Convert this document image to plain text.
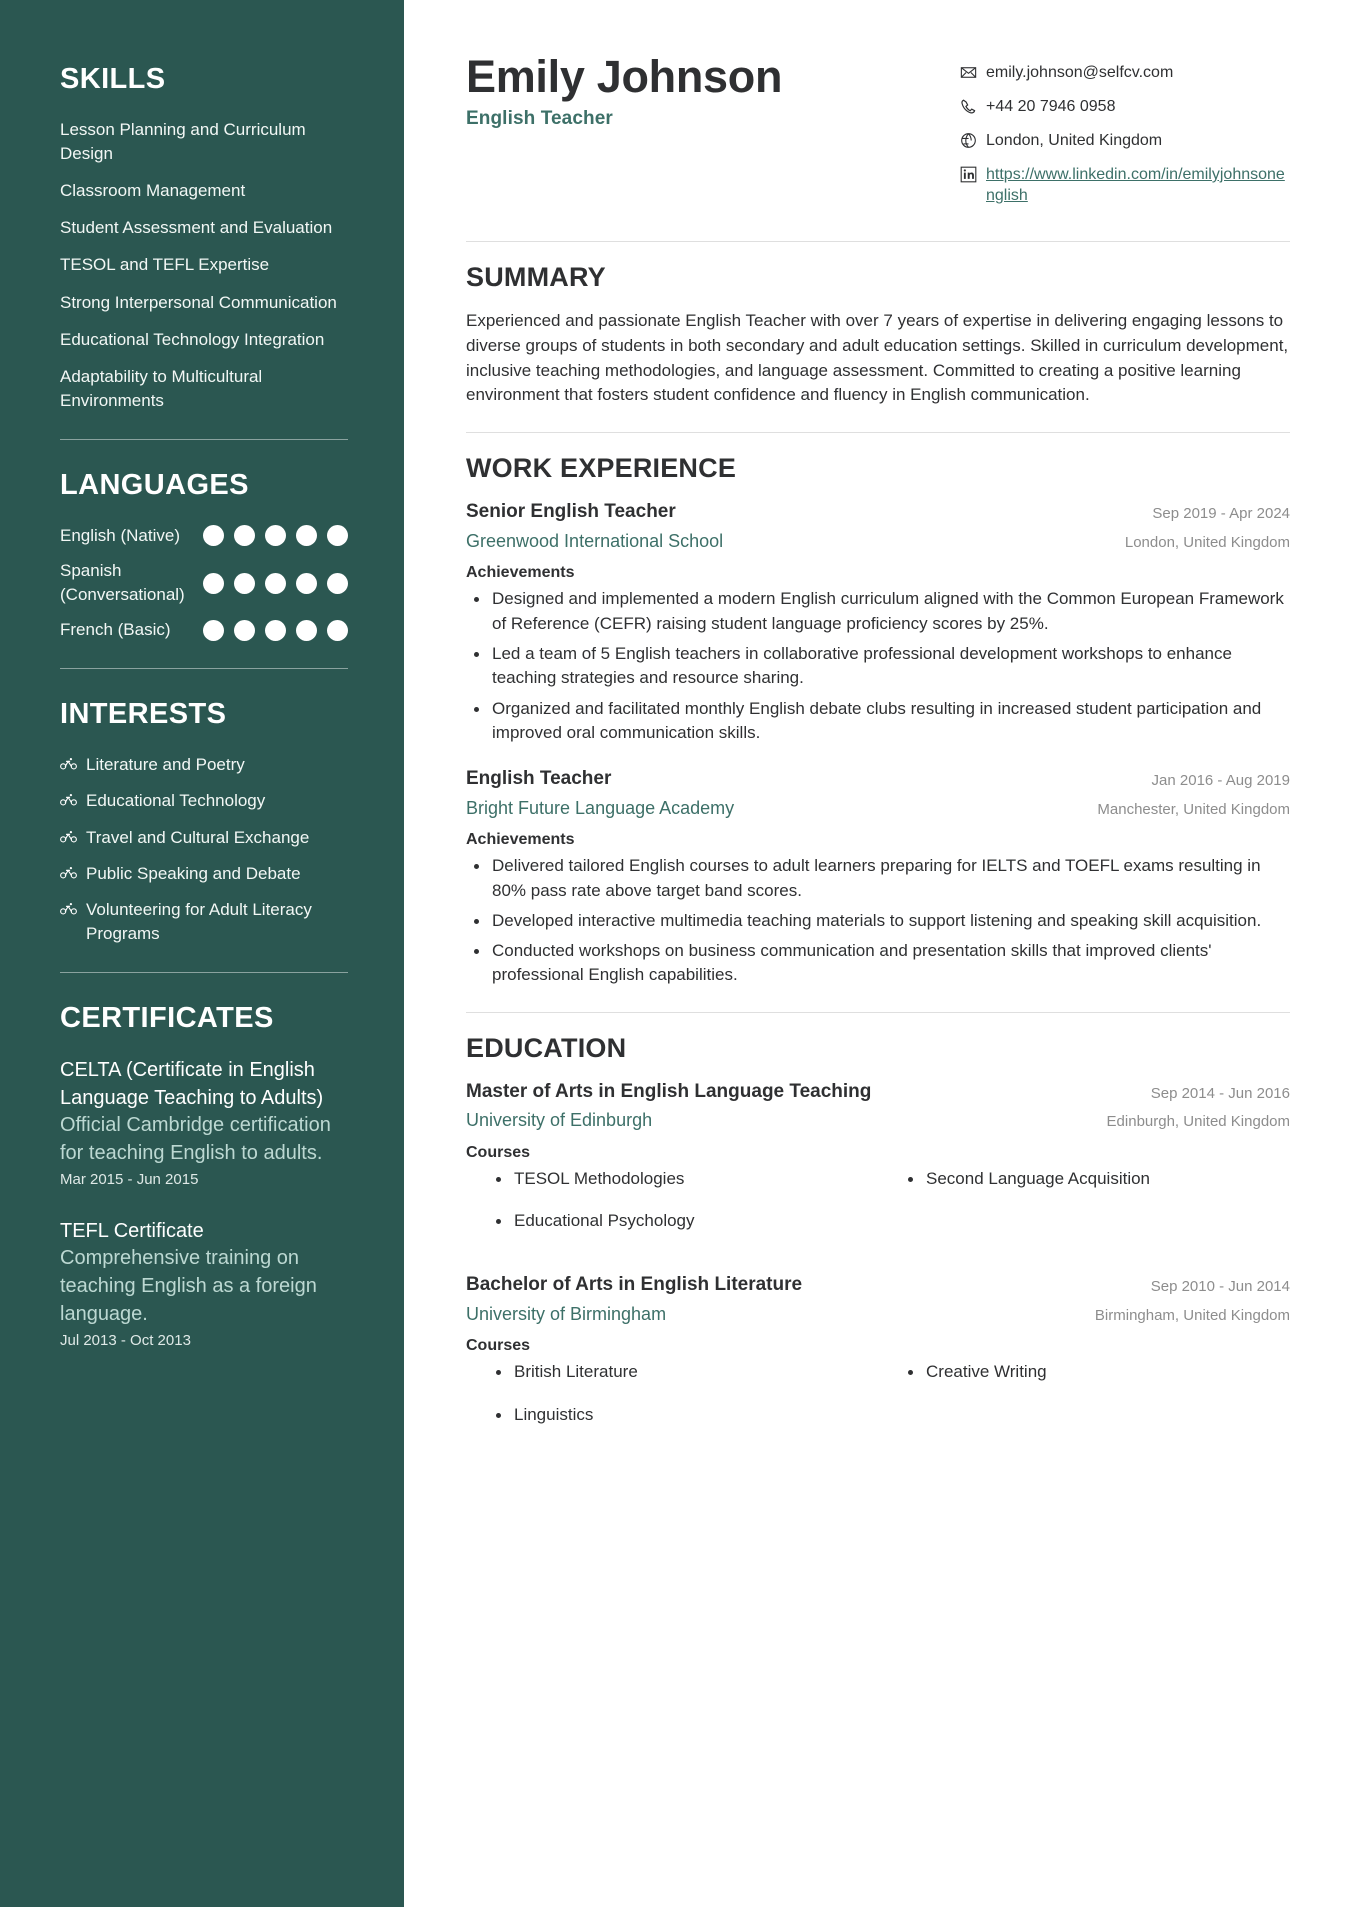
SKILLS
Lesson Planning and Curriculum Design
Classroom Management
Student Assessment and Evaluation
TESOL and TEFL Expertise
Strong Interpersonal Communication
Educational Technology Integration
Adaptability to Multicultural Environments
LANGUAGES
English (Native)
Spanish (Conversational)
French (Basic)
INTERESTS
Literature and Poetry
Educational Technology
Travel and Cultural Exchange
Public Speaking and Debate
Volunteering for Adult Literacy Programs
CERTIFICATES
CELTA (Certificate in English Language Teaching to Adults)
Official Cambridge certification for teaching English to adults.
Mar 2015 - Jun 2015
TEFL Certificate
Comprehensive training on teaching English as a foreign language.
Jul 2013 - Oct 2013
Emily Johnson
English Teacher
emily.johnson@selfcv.com
+44 20 7946 0958
London, United Kingdom
https://www.linkedin.com/in/emilyjohnsonenglish
SUMMARY

Experienced and passionate English Teacher with over 7 years of expertise in delivering engaging lessons to diverse groups of students in both secondary and adult education settings. Skilled in curriculum development, inclusive teaching methodologies, and language assessment. Committed to creating a positive learning environment that fosters student confidence and fluency in English communication.

WORK EXPERIENCE
Senior English Teacher
Greenwood International School
Sep 2019 - Apr 2024
London, United Kingdom
Achievements
Designed and implemented a modern English curriculum aligned with the Common European Framework of Reference (CEFR) raising student language proficiency scores by 25%.
Led a team of 5 English teachers in collaborative professional development workshops to enhance teaching strategies and resource sharing.
Organized and facilitated monthly English debate clubs resulting in increased student participation and improved oral communication skills.
English Teacher
Bright Future Language Academy
Jan 2016 - Aug 2019
Manchester, United Kingdom
Achievements
Delivered tailored English courses to adult learners preparing for IELTS and TOEFL exams resulting in 80% pass rate above target band scores.
Developed interactive multimedia teaching materials to support listening and speaking skill acquisition.
Conducted workshops on business communication and presentation skills that improved clients' professional English capabilities.
EDUCATION
Master of Arts in English Language Teaching
University of Edinburgh
Sep 2014 - Jun 2016
Edinburgh, United Kingdom
Courses
TESOL Methodologies	Second Language Acquisition
Educational Psychology
Bachelor of Arts in English Literature
University of Birmingham
Sep 2010 - Jun 2014
Birmingham, United Kingdom
Courses
British Literature	Creative Writing
Linguistics
